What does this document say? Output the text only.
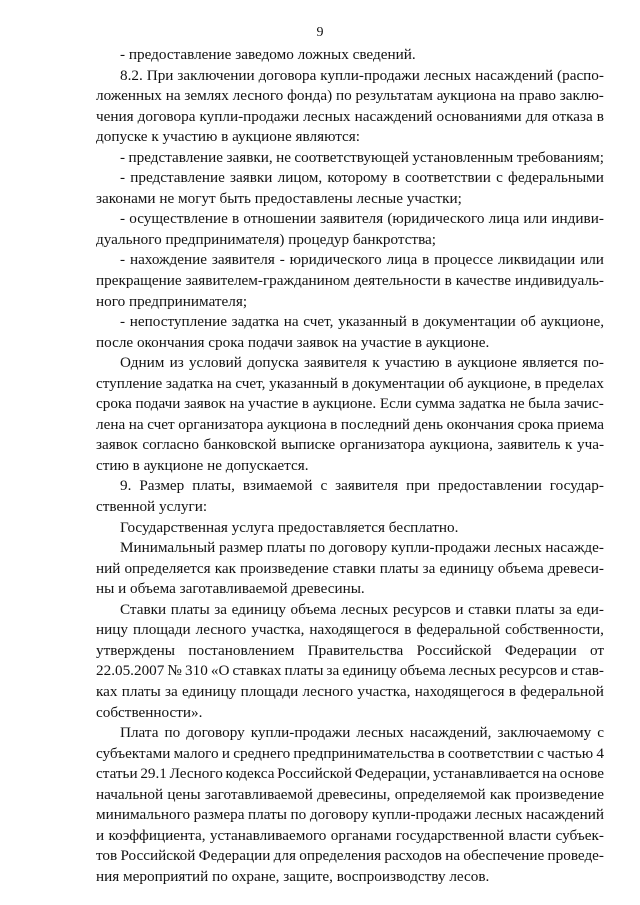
9
- предоставление заведомо ложных сведений.
8.2. При заключении договора купли-продажи лесных насаждений (распо-
ложенных на землях лесного фонда) по результатам аукциона на право заклю-
чения договора купли-продажи лесных насаждений основаниями для отказа в
допуске к участию в аукционе являются:
- представление заявки, не соответствующей установленным требованиям;
- представление заявки лицом, которому в соответствии с федеральными
законами не могут быть предоставлены лесные участки;
- осуществление в отношении заявителя (юридического лица или индиви-
дуального предпринимателя) процедур банкротства;
- нахождение заявителя - юридического лица в процессе ликвидации или
прекращение заявителем-гражданином деятельности в качестве индивидуаль-
ного предпринимателя;
- непоступление задатка на счет, указанный в документации об аукционе,
после окончания срока подачи заявок на участие в аукционе.
Одним из условий допуска заявителя к участию в аукционе является по-
ступление задатка на счет, указанный в документации об аукционе, в пределах
срока подачи заявок на участие в аукционе. Если сумма задатка не была зачис-
лена на счет организатора аукциона в последний день окончания срока приема
заявок согласно банковской выписке организатора аукциона, заявитель к уча-
стию в аукционе не допускается.
9. Размер платы, взимаемой с заявителя при предоставлении государ-
ственной услуги:
Государственная услуга предоставляется бесплатно.
Минимальный размер платы по договору купли-продажи лесных насажде-
ний определяется как произведение ставки платы за единицу объема древеси-
ны и объема заготавливаемой древесины.
Ставки платы за единицу объема лесных ресурсов и ставки платы за еди-
ницу площади лесного участка, находящегося в федеральной собственности,
утверждены постановлением Правительства Российской Федерации от
22.05.2007 № 310 «О ставках платы за единицу объема лесных ресурсов и став-
ках платы за единицу площади лесного участка, находящегося в федеральной
собственности».
Плата по договору купли-продажи лесных насаждений, заключаемому с
субъектами малого и среднего предпринимательства в соответствии с частью 4
статьи 29.1 Лесного кодекса Российской Федерации, устанавливается на основе
начальной цены заготавливаемой древесины, определяемой как произведение
минимального размера платы по договору купли-продажи лесных насаждений
и коэффициента, устанавливаемого органами государственной власти субъек-
тов Российской Федерации для определения расходов на обеспечение проведе-
ния мероприятий по охране, защите, воспроизводству лесов.
